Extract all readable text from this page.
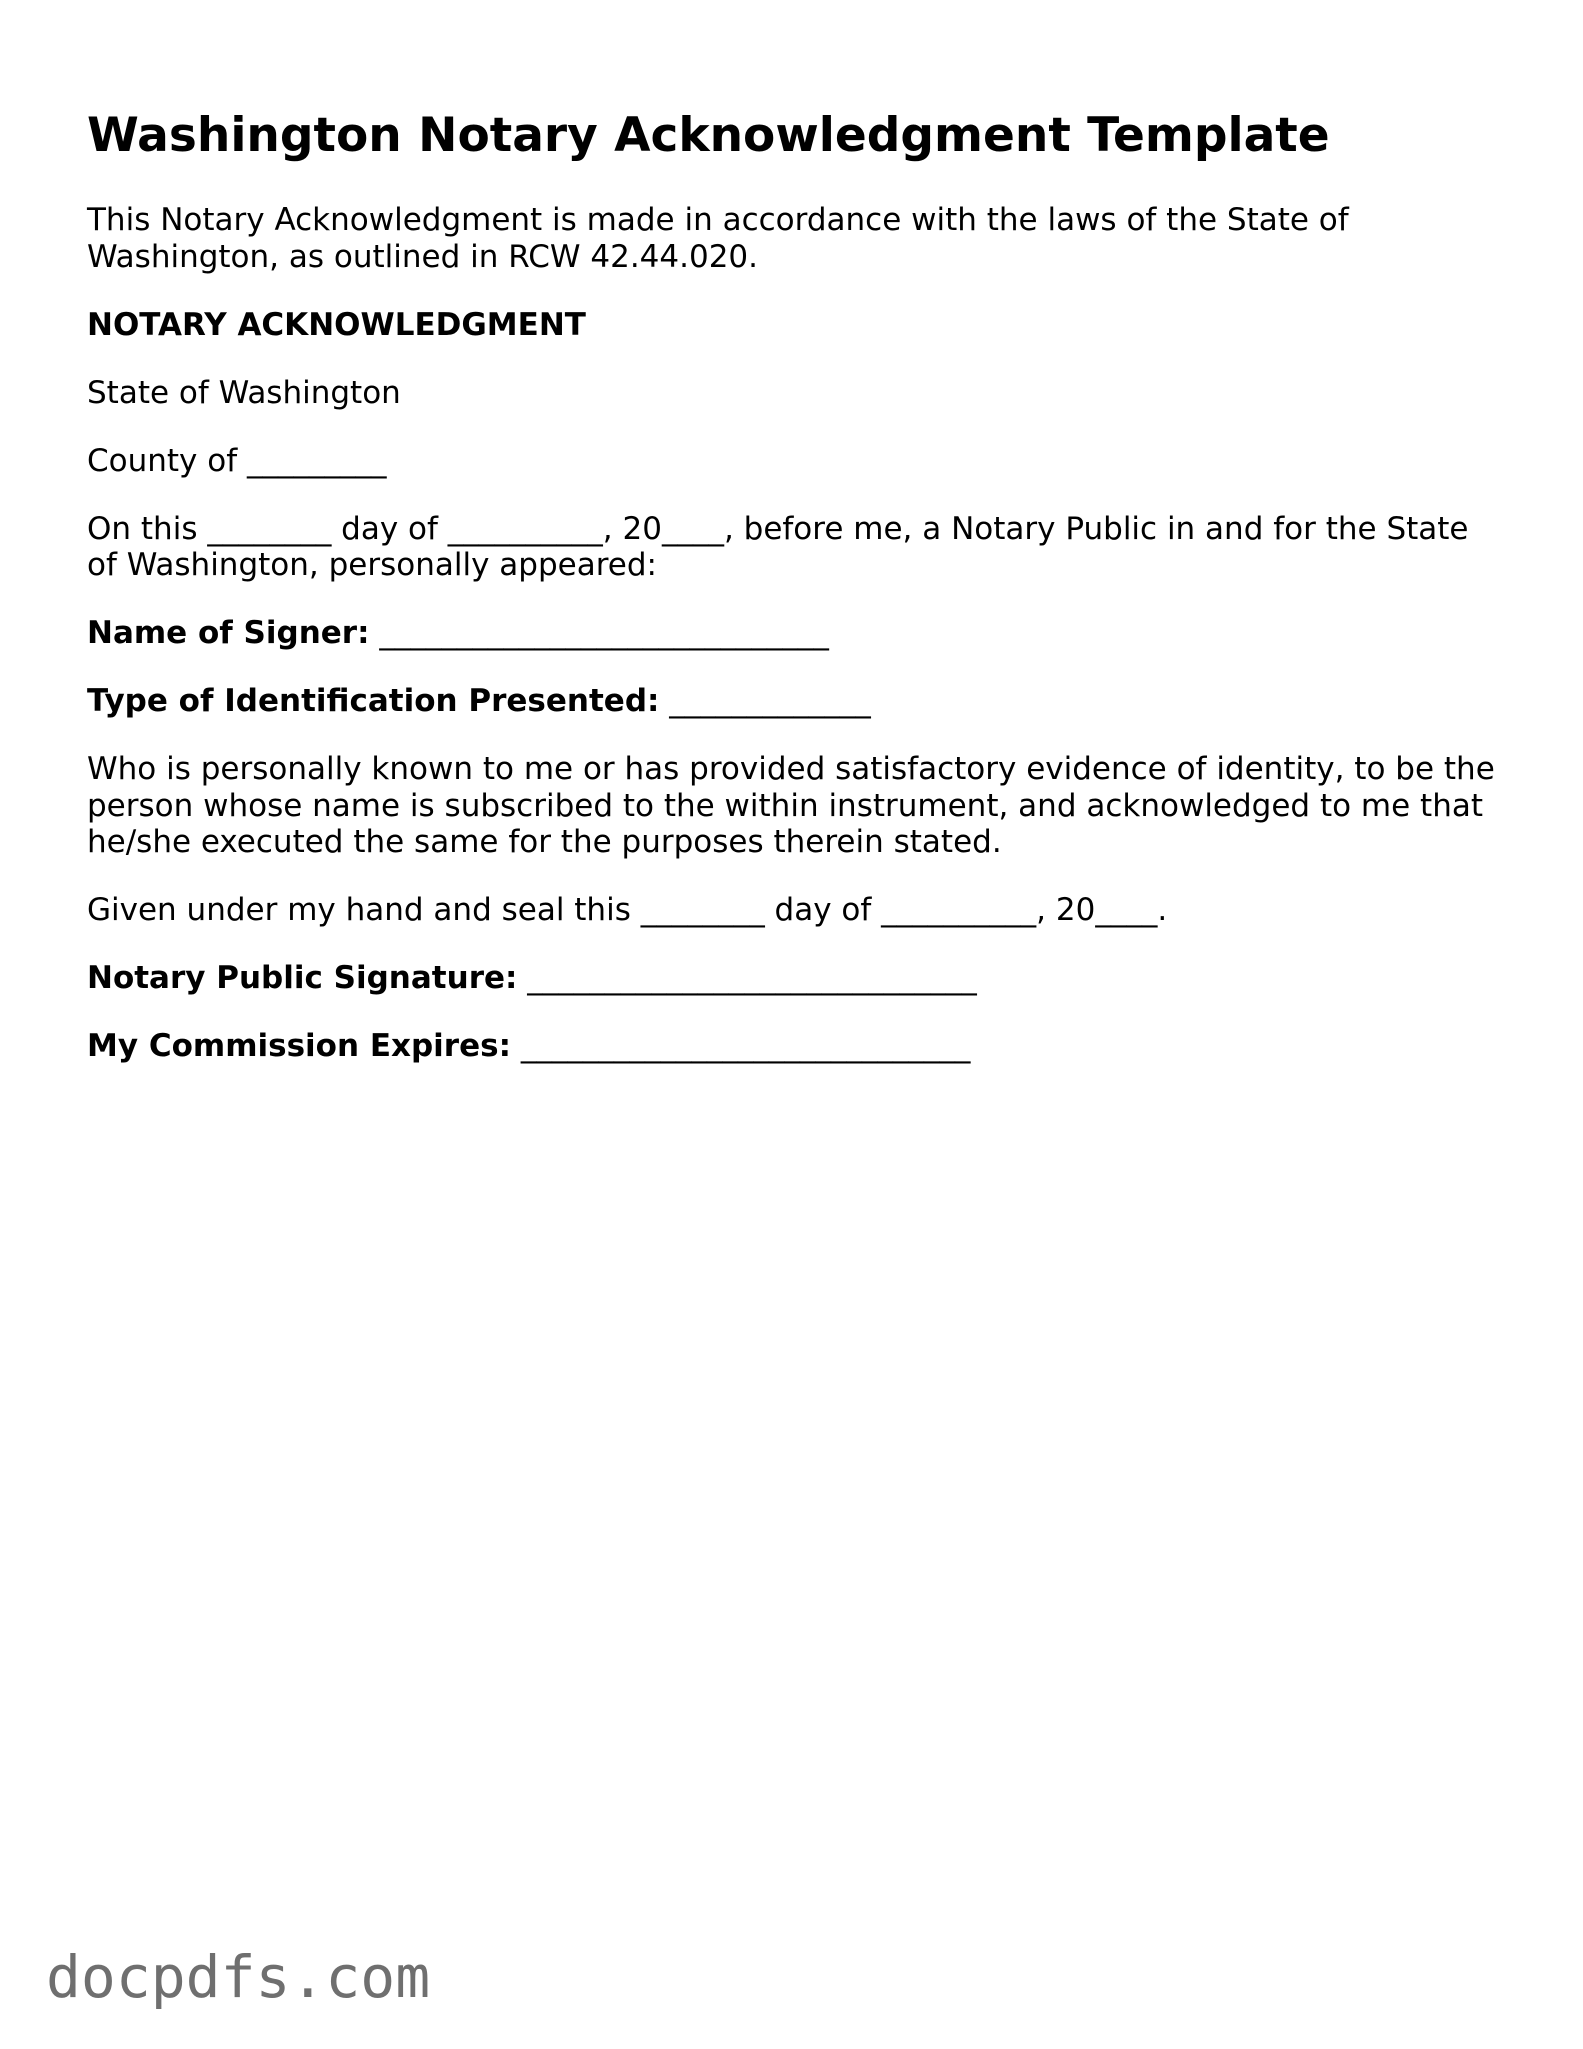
Washington Notary Acknowledgment Template

This Notary Acknowledgment is made in accordance with the laws of the State of

Washington, as outlined in RCW 42.44.020.

NOTARY ACKNOWLEDGMENT

State of Washington

County of _________

On this ________ day of __________, 20____, before me, a Notary Public in and for the State

of Washington, personally appeared:

Name of Signer: _____________________________

Type of Identification Presented: _____________

Who is personally known to me or has provided satisfactory evidence of identity, to be the

person whose name is subscribed to the within instrument, and acknowledged to me that

he/she executed the same for the purposes therein stated.

Given under my hand and seal this ________ day of __________, 20____.

Notary Public Signature: _____________________________

My Commission Expires: _____________________________

docpdfs.com
